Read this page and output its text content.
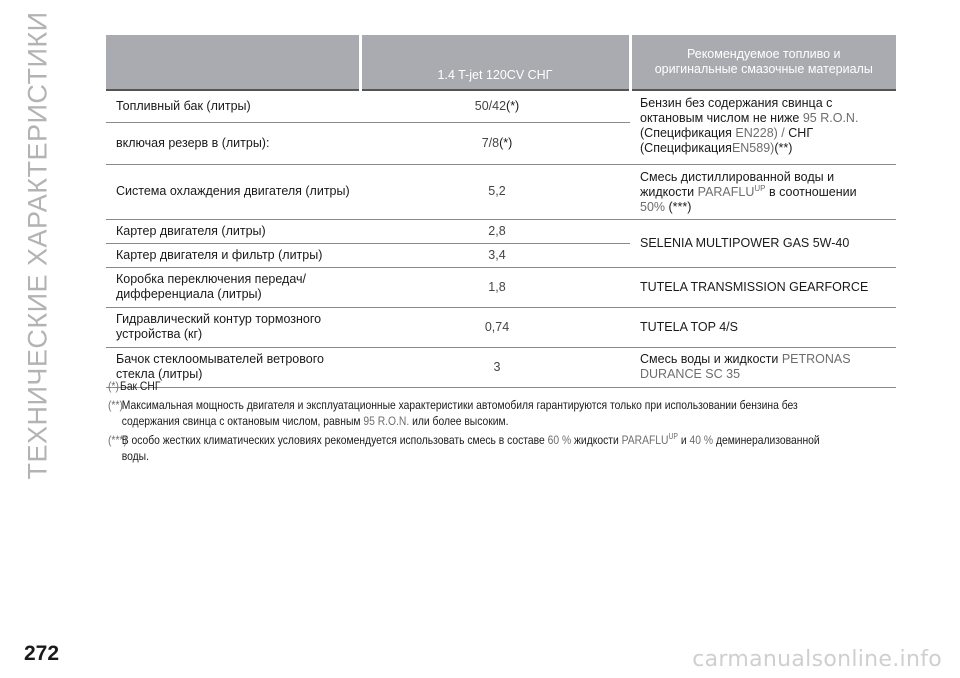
ТЕХНИЧЕСКИЕ ХАРАКТЕРИСТИКИ
		1.4 T-jet 120CV СНГ	Рекомендуемое топливо и
оригинальные смазочные материалы
Топливный бак (литры)	50/42(*)	Бензин без содержания свинца с
октановым числом не ниже 95 R.O.N.
(Спецификация EN228) / СНГ
(СпецификацияEN589)(**)
включая резерв в (литры):	7/8(*)	
Система охлаждения двигателя (литры)	5,2	Смесь дистиллированной воды и
жидкости $PARAFLU^{UP}$ в соотношении
50% (***)
Картер двигателя (литры)	2,8	SELENIA MULTIPOWER GAS 5W-40
Картер двигателя и фильтр (литры)	3,4	
Коробка переключения передач/
дифференциала (литры)	1,8	TUTELA TRANSMISSION GEARFORCE
Гидравлический контур тормозного
устройства (кг)	0,74	TUTELA TOP 4/S
Бачок стеклоомывателей ветрового
стекла (литры)	3	Смесь воды и жидкости PETRONAS
DURANCE SC 35
(*) Бак СНГ
(**)
Максимальная мощность двигателя и эксплуатационные характеристики автомобиля гарантируются только при использовании бензина без
содержания свинца с октановым числом, равным 95 R.O.N. или более высоким.
(***)
В особо жестких климатических условиях рекомендуется использовать смесь в составе 60 % жидкости $PARAFLU^{UP}$ и 40 % деминерализованной
воды.
272	carmanualsonline.info
